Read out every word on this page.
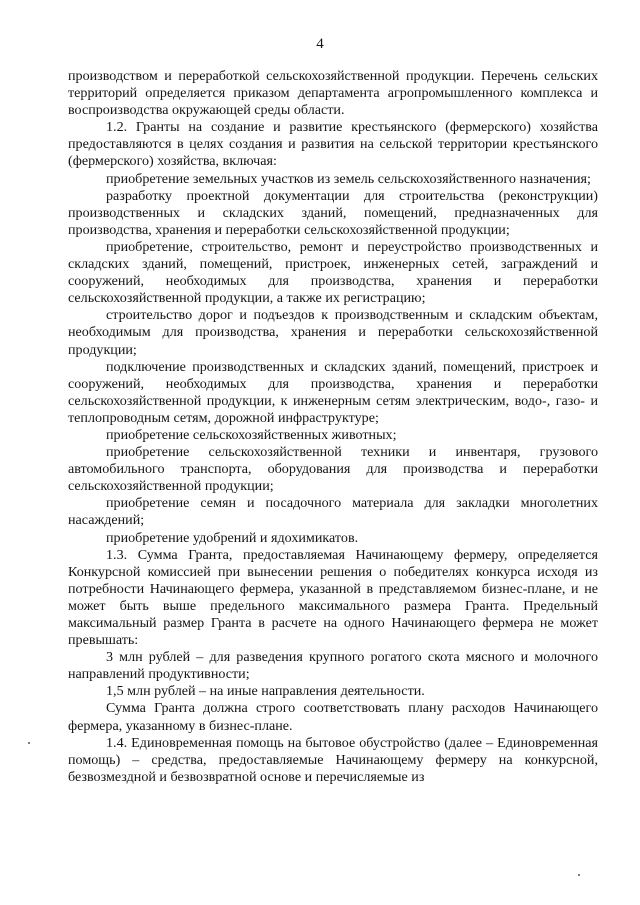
4

производством и переработкой сельскохозяйственной продукции. Перечень сельских территорий определяется приказом департамента агропромышленного комплекса и воспроизводства окружающей среды области.

1.2. Гранты на создание и развитие крестьянского (фермерского) хозяйства предоставляются в целях создания и развития на сельской территории крестьянского (фермерского) хозяйства, включая:

приобретение земельных участков из земель сельскохозяйственного назначения;

разработку проектной документации для строительства (реконструкции) производственных и складских зданий, помещений, предназначенных для производства, хранения и переработки сельскохозяйственной продукции;

приобретение, строительство, ремонт и переустройство производственных и складских зданий, помещений, пристроек, инженерных сетей, заграждений и сооружений, необходимых для производства, хранения и переработки сельскохозяйственной продукции, а также их регистрацию;

строительство дорог и подъездов к производственным и складским объектам, необходимым для производства, хранения и переработки сельскохозяйственной продукции;

подключение производственных и складских зданий, помещений, пристроек и сооружений, необходимых для производства, хранения и переработки сельскохозяйственной продукции, к инженерным сетям электрическим, водо-, газо- и теплопроводным сетям, дорожной инфраструктуре;

приобретение сельскохозяйственных животных;

приобретение сельскохозяйственной техники и инвентаря, грузового автомобильного транспорта, оборудования для производства и переработки сельскохозяйственной продукции;

приобретение семян и посадочного материала для закладки многолетних насаждений;

приобретение удобрений и ядохимикатов.

1.3. Сумма Гранта, предоставляемая Начинающему фермеру, определяется Конкурсной комиссией при вынесении решения о победителях конкурса исходя из потребности Начинающего фермера, указанной в представляемом бизнес-плане, и не может быть выше предельного максимального размера Гранта. Предельный максимальный размер Гранта в расчете на одного Начинающего фермера не может превышать:

3 млн рублей – для разведения крупного рогатого скота мясного и молочного направлений продуктивности;

1,5 млн рублей – на иные направления деятельности.

Сумма Гранта должна строго соответствовать плану расходов Начинающего фермера, указанному в бизнес-плане.

1.4. Единовременная помощь на бытовое обустройство (далее – Единовременная помощь) – средства, предоставляемые Начинающему фермеру на конкурсной, безвозмездной и безвозвратной основе и перечисляемые из
